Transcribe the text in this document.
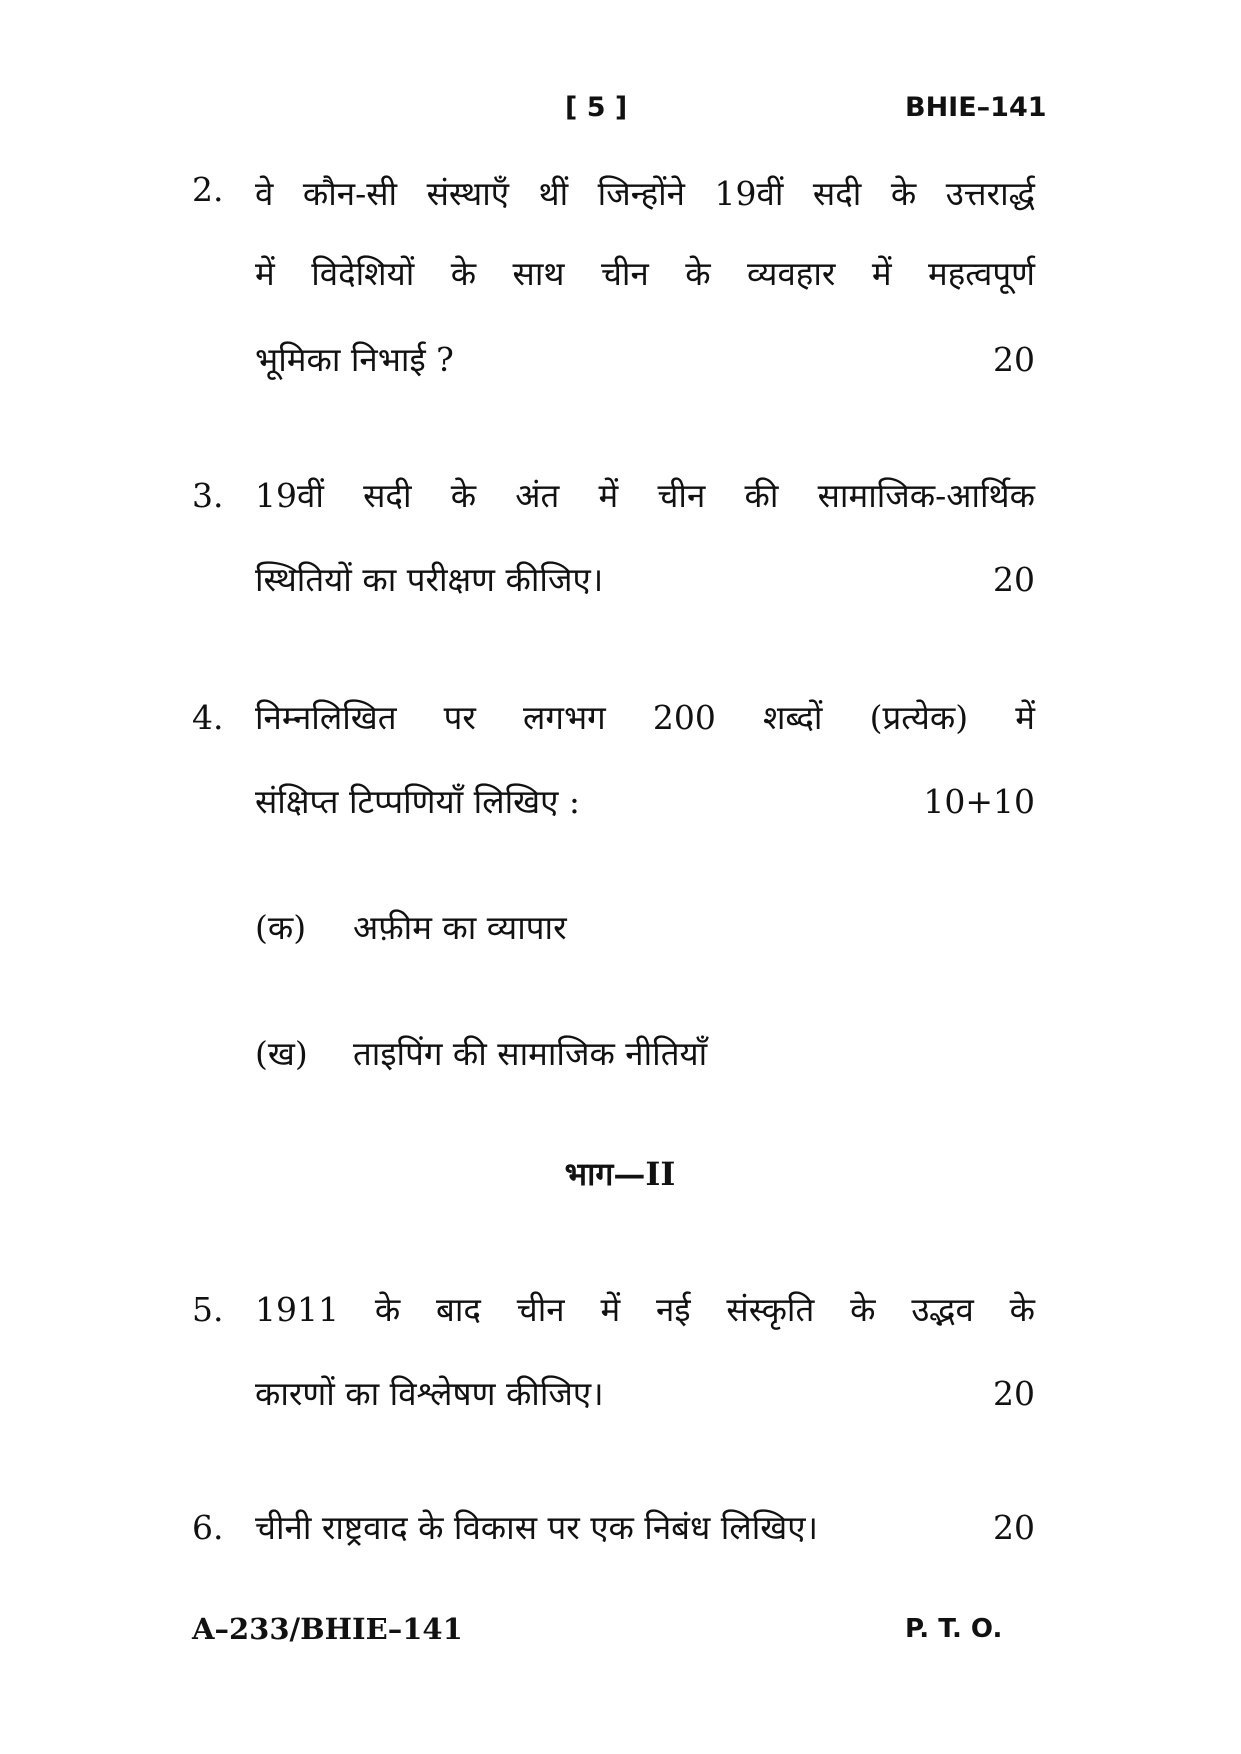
[ 5 ]	BHIE–141
2. वे कौन-सी संस्थाएँ थीं जिन्होंने 19वीं सदी के उत्तरार्द्ध
में विदेशियों के साथ चीन के व्यवहार में महत्वपूर्ण
भूमिका निभाई ?	20
3. 19वीं सदी के अंत में चीन की सामाजिक-आर्थिक
स्थितियों का परीक्षण कीजिए।	20
4. निम्नलिखित पर लगभग 200 शब्दों (प्रत्येक) में
संक्षिप्त टिप्पणियाँ लिखिए :	10+10
(क) अफ़ीम का व्यापार
(ख) ताइपिंग की सामाजिक नीतियाँ
भाग—II
5. 1911 के बाद चीन में नई संस्कृति के उद्भव के
कारणों का विश्लेषण कीजिए।	20
6. चीनी राष्ट्रवाद के विकास पर एक निबंध लिखिए।	20
A–233/BHIE–141	P. T. O.
